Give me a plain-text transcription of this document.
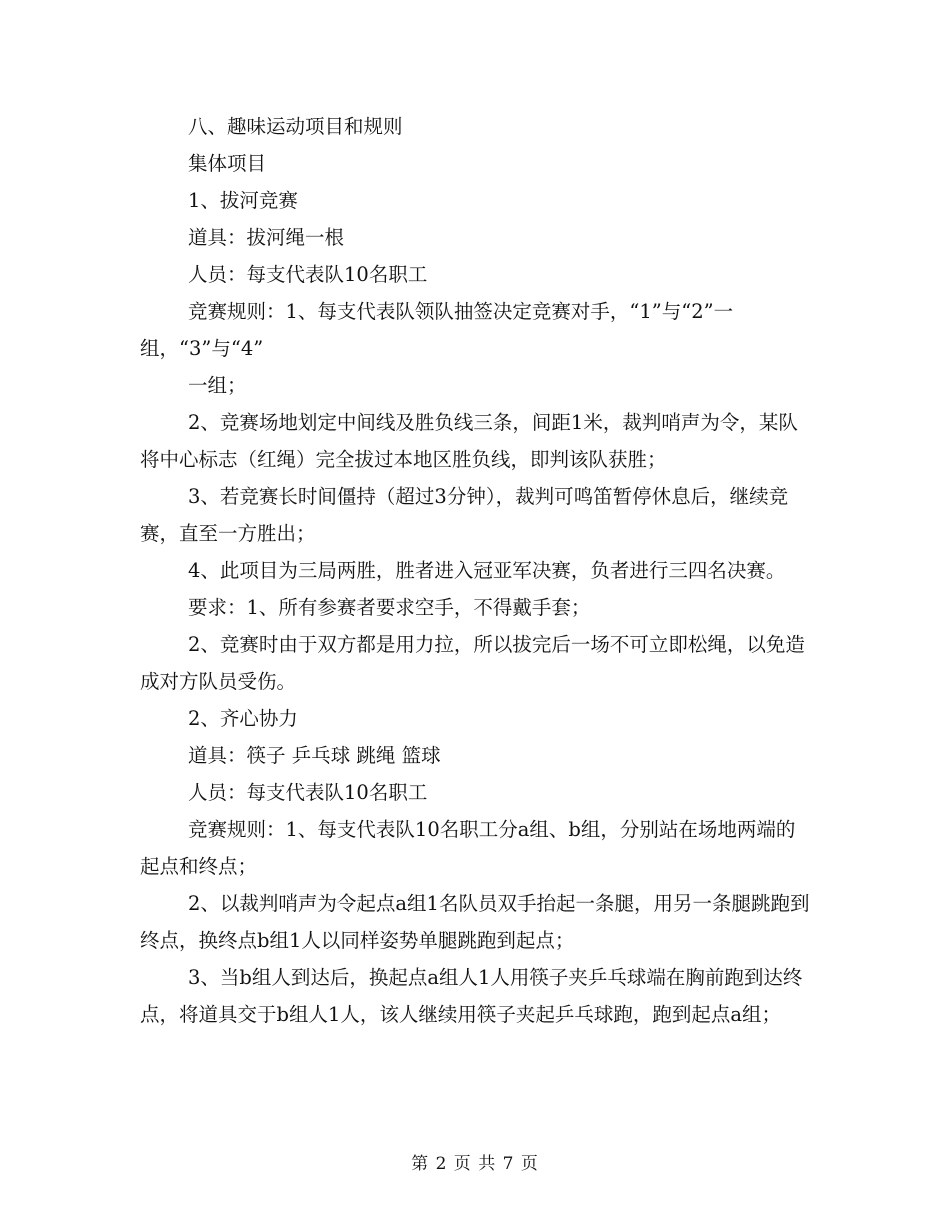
八、趣味运动项目和规则

集体项目

1、拔河竞赛

道具：拔河绳一根

人员：每支代表队10名职工

竞赛规则：1、每支代表队领队抽签决定竞赛对手，“1”与“2”一组，“3”与“4”

一组；

2、竞赛场地划定中间线及胜负线三条，间距1米，裁判哨声为令，某队将中心标志（红绳）完全拔过本地区胜负线，即判该队获胜；

3、若竞赛长时间僵持（超过3分钟），裁判可鸣笛暂停休息后，继续竞赛，直至一方胜出；

4、此项目为三局两胜，胜者进入冠亚军决赛，负者进行三四名决赛。

要求：1、所有参赛者要求空手，不得戴手套；

2、竞赛时由于双方都是用力拉，所以拔完后一场不可立即松绳，以免造成对方队员受伤。

2、齐心协力

道具：筷子 乒乓球 跳绳 篮球

人员：每支代表队10名职工

竞赛规则：1、每支代表队10名职工分a组、b组，分别站在场地两端的起点和终点；

2、以裁判哨声为令起点a组1名队员双手抬起一条腿，用另一条腿跳跑到终点，换终点b组1人以同样姿势单腿跳跑到起点；

3、当b组人到达后，换起点a组人1人用筷子夹乒乓球端在胸前跑到达终点，将道具交于b组人1人，该人继续用筷子夹起乒乓球跑，跑到起点a组；

第 2 页 共 7 页
